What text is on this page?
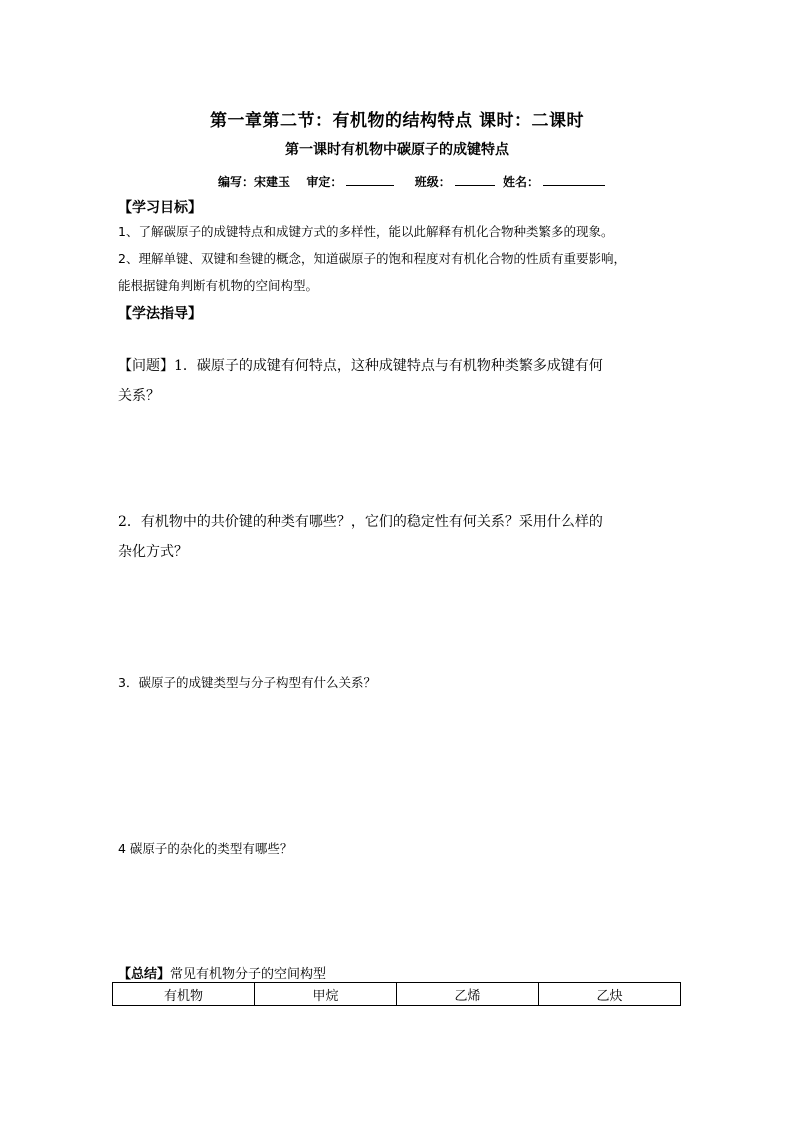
第一章第二节：有机物的结构特点 课时：二课时
第一课时有机物中碳原子的成键特点
编写：宋建玉 审定：	班级：	姓名：
【学习目标】
1、了解碳原子的成键特点和成键方式的多样性，能以此解释有机化合物种类繁多的现象。
2、理解单键、双键和叁键的概念，知道碳原子的饱和程度对有机化合物的性质有重要影响，
能根据键角判断有机物的空间构型。
【学法指导】
【问题】1．碳原子的成键有何特点，这种成键特点与有机物种类繁多成键有何
关系？
2．有机物中的共价键的种类有哪些？，它们的稳定性有何关系？采用什么样的
杂化方式？
3．碳原子的成键类型与分子构型有什么关系？
4 碳原子的杂化的类型有哪些？
【总结】常见有机物分子的空间构型
有机物	甲烷	乙烯	乙炔
